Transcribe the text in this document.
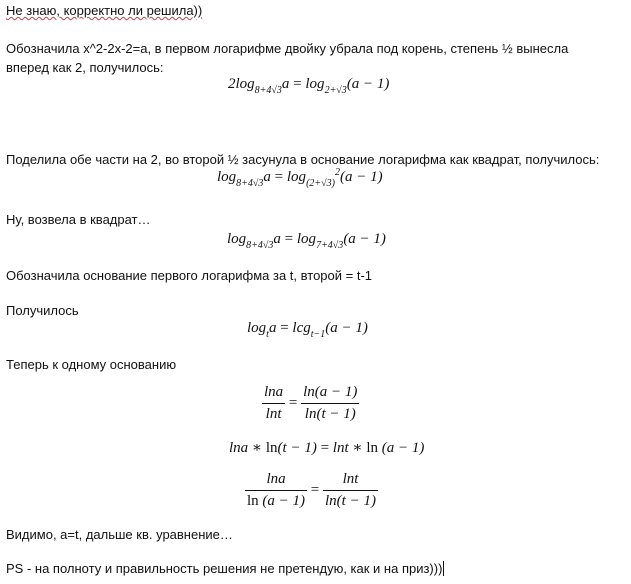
Не знаю, корректно ли решила))
Обозначила x^2-2x-2=a, в первом логарифме двойку убрала под корень, степень ½ вынесла
вперед как 2, получилось:
$2\log_{8+4√3}a = \log_{2+√3}(a - 1)$
Поделила обе части на 2, во второй ½ засунула в основание логарифма как квадрат, получилось:
$\log_{8+4√3}a = \log_{(2+√3)}^2(a - 1)$
Ну, возвела в квадрат…
$\log_{8+4√3}a = \log_{7+4√3}(a - 1)$
Обозначила основание первого логарифма за t, второй = t-1
Получилось
$\log_ta = lcg_{t-1}(a - 1)$
Теперь к одному основанию
$\frac{\ln a}{\ln t} = \frac{\ln(a - 1)}{\ln(t - 1)}$
lna ∗ ln(t − 1) = lnt ∗ ln (a − 1)
$\frac{\ln a}{\ln (a - 1)} = \frac{\ln t}{\ln(t - 1)}$
Видимо, a=t, дальше кв. уравнение…
PS - на полноту и правильность решения не претендую, как и на приз)))
